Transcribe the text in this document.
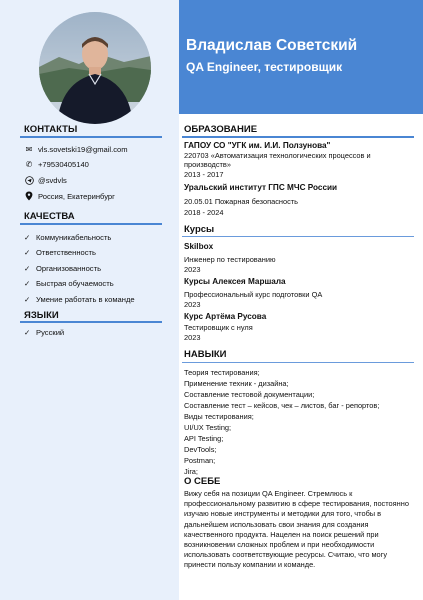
Владислав Советский
QA Engineer, тестировщик
КОНТАКТЫ
✉ vls.sovetski19@gmail.com
✆ +79530405140
@svdvls
Россия, Екатеринбург
КАЧЕСТВА
✓ Коммуникабельность
✓ Ответственность
✓ Организованность
✓ Быстрая обучаемость
✓ Умение работать в команде
ЯЗЫКИ
✓ Русский
ОБРАЗОВАНИЕ
ГАПОУ СО "УГК им. И.И. Ползунова"
220703 «Автоматизация технологических процессов и
производств»
2013 - 2017
Уральский институт ГПС МЧС России
20.05.01 Пожарная безопасность
2018 - 2024
Курсы
Skilbox
Инженер по тестированию
2023
Курсы Алексея Маршала
Профессиональный курс подготовки QA
2023
Курс Артёма Русова
Тестировщик с нуля
2023
НАВЫКИ
Теория тестирования;
Применение техник - дизайна;
Составление тестовой документации;
Составление тест – кейсов, чек – листов, баг - репортов;
Виды тестирования;
UI/UX Testing;
API Testing;
DevTools;
Postman;
Jira;
О СЕБЕ
Вижу себя на позиции QA Engineer. Стремлюсь к профессиональному развитию в сфере тестирования, постоянно изучаю новые инструменты и методики для того, чтобы в дальнейшем использовать свои знания для создания качественного продукта. Нацелен на поиск решений при возникновении сложных проблем и при необходимости использовать соответствующие ресурсы. Считаю, что могу принести пользу компании и команде.
